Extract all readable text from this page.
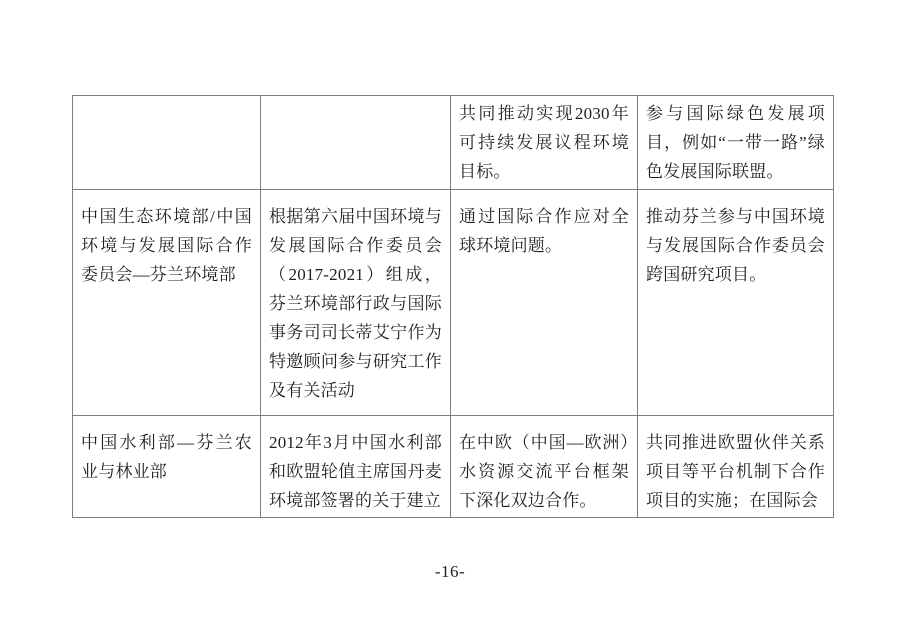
		共同推动实现2030年可持续发展议程环境目标。	参与国际绿色发展项目，例如“一带一路”绿色发展国际联盟。
中国生态环境部/中国环境与发展国际合作委员会—芬兰环境部	根据第六届中国环境与发展国际合作委员会（2017-2021）组成，芬兰环境部行政与国际事务司司长蒂艾宁作为特邀顾问参与研究工作及有关活动	通过国际合作应对全球环境问题。	推动芬兰参与中国环境与发展国际合作委员会跨国研究项目。
中国水利部—芬兰农业与林业部	2012年3月中国水利部和欧盟轮值主席国丹麦环境部签署的关于建立	在中欧（中国—欧洲）水资源交流平台框架下深化双边合作。	共同推进欧盟伙伴关系项目等平台机制下合作项目的实施；在国际会
-16-
